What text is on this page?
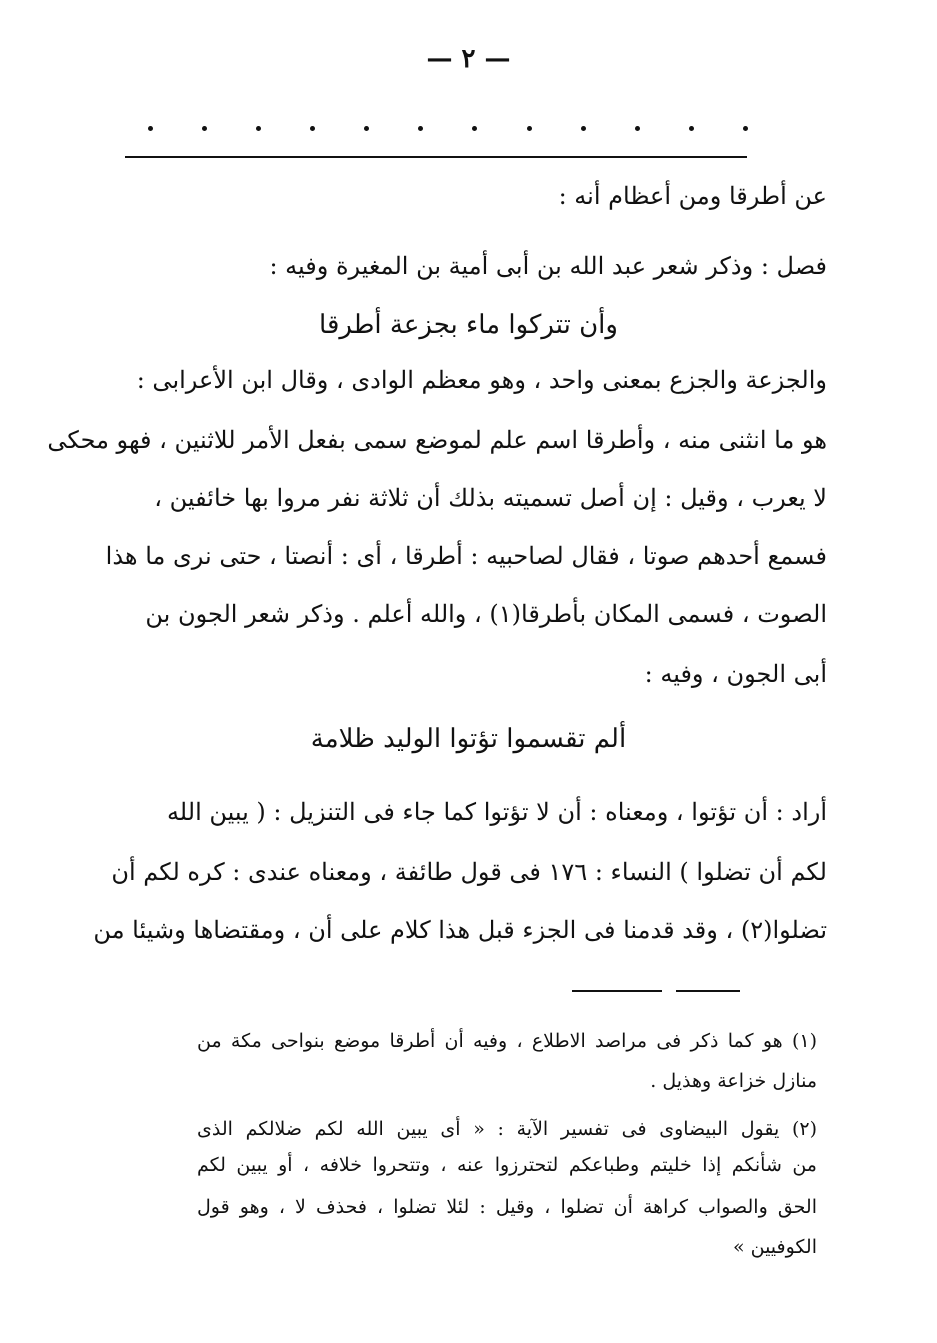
— ٢ —
عن أطرقا ومن أعظام أنه :
فصل : وذكر شعر عبد الله بن أبى أمية بن المغيرة وفيه :
وأن تتركوا ماء بجزعة أطرقا
والجزعة والجزع بمعنى واحد ، وهو معظم الوادى ، وقال ابن الأعرابى :
هو ما انثنى منه ، وأطرقا اسم علم لموضع سمى بفعل الأمر للاثنين ، فهو محكى
لا يعرب ، وقيل : إن أصل تسميته بذلك أن ثلاثة نفر مروا بها خائفين ،
فسمع أحدهم صوتا ، فقال لصاحبيه : أطرقا ، أى : أنصتا ، حتى نرى ما هذا
الصوت ، فسمى المكان بأطرقا(١) ، والله أعلم . وذكر شعر الجون بن
أبى الجون ، وفيه :
ألم تقسموا تؤتوا الوليد ظلامة
أراد : أن تؤتوا ، ومعناه : أن لا تؤتوا كما جاء فى التنزيل : ( يبين الله
لكم أن تضلوا ) النساء : ١٧٦ فى قول طائفة ، ومعناه عندى : كره لكم أن
تضلوا(٢) ، وقد قدمنا فى الجزء قبل هذا كلام على أن ، ومقتضاها وشيئا من
(١) هو كما ذكر فى مراصد الاطلاع ، وفيه أن أطرقا موضع بنواحى مكة من
منازل خزاعة وهذيل .
(٢) يقول البيضاوى فى تفسير الآية : « أى يبين الله لكم ضلالكم الذى
من شأنكم إذا خليتم وطباعكم لتحترزوا عنه ، وتتحروا خلافه ، أو يبين لكم
الحق والصواب كراهة أن تضلوا ، وقيل : لئلا تضلوا ، فحذف لا ، وهو قول
الكوفيين »
